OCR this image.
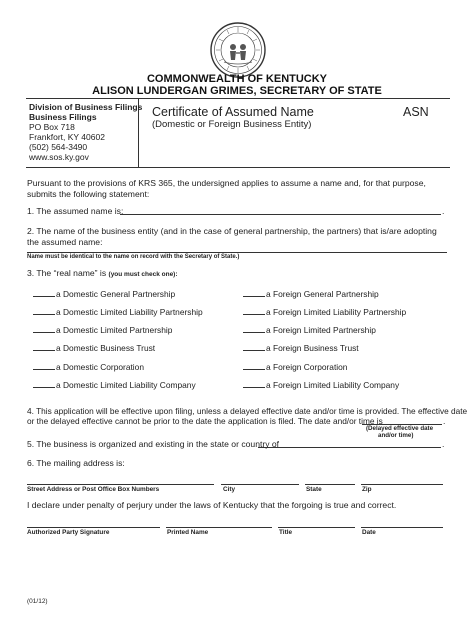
COMMONWEALTH OF KENTUCKY
ALISON LUNDERGAN GRIMES, SECRETARY OF STATE
Division of Business Filings
Business Filings
PO Box 718
Frankfort, KY 40602
(502) 564-3490
www.sos.ky.gov
Certificate of Assumed Name
(Domestic or Foreign Business Entity)
ASN
Pursuant to the provisions of KRS 365, the undersigned applies to assume a name and, for that purpose, submits the following statement:
1. The assumed name is:	.
2. The name of the business entity (and in the case of general partnership, the partners) that is/are adopting the assumed name:
Name must be identical to the name on record with the Secretary of State.)
3. The “real name” is (you must check one):
a Domestic General Partnership
a Domestic Limited Liability Partnership
a Domestic Limited Partnership
a Domestic Business Trust
a Domestic Corporation
a Domestic Limited Liability Company
a Foreign General Partnership
a Foreign Limited Liability Partnership
a Foreign Limited Partnership
a Foreign Business Trust
a Foreign Corporation
a Foreign Limited Liability Company
4. This application will be effective upon filing, unless a delayed effective date and/or time is provided. The effective date
or the delayed effective cannot be prior to the date the application is filed. The date and/or time is	.
(Delayed effective date
and/or time)
5. The business is organized and existing in the state or country of	.
6. The mailing address is:
Street Address or Post Office Box Numbers	City	State	Zip
I declare under penalty of perjury under the laws of Kentucky that the forgoing is true and correct.
Authorized Party Signature	Printed Name	Title	Date
(01/12)
